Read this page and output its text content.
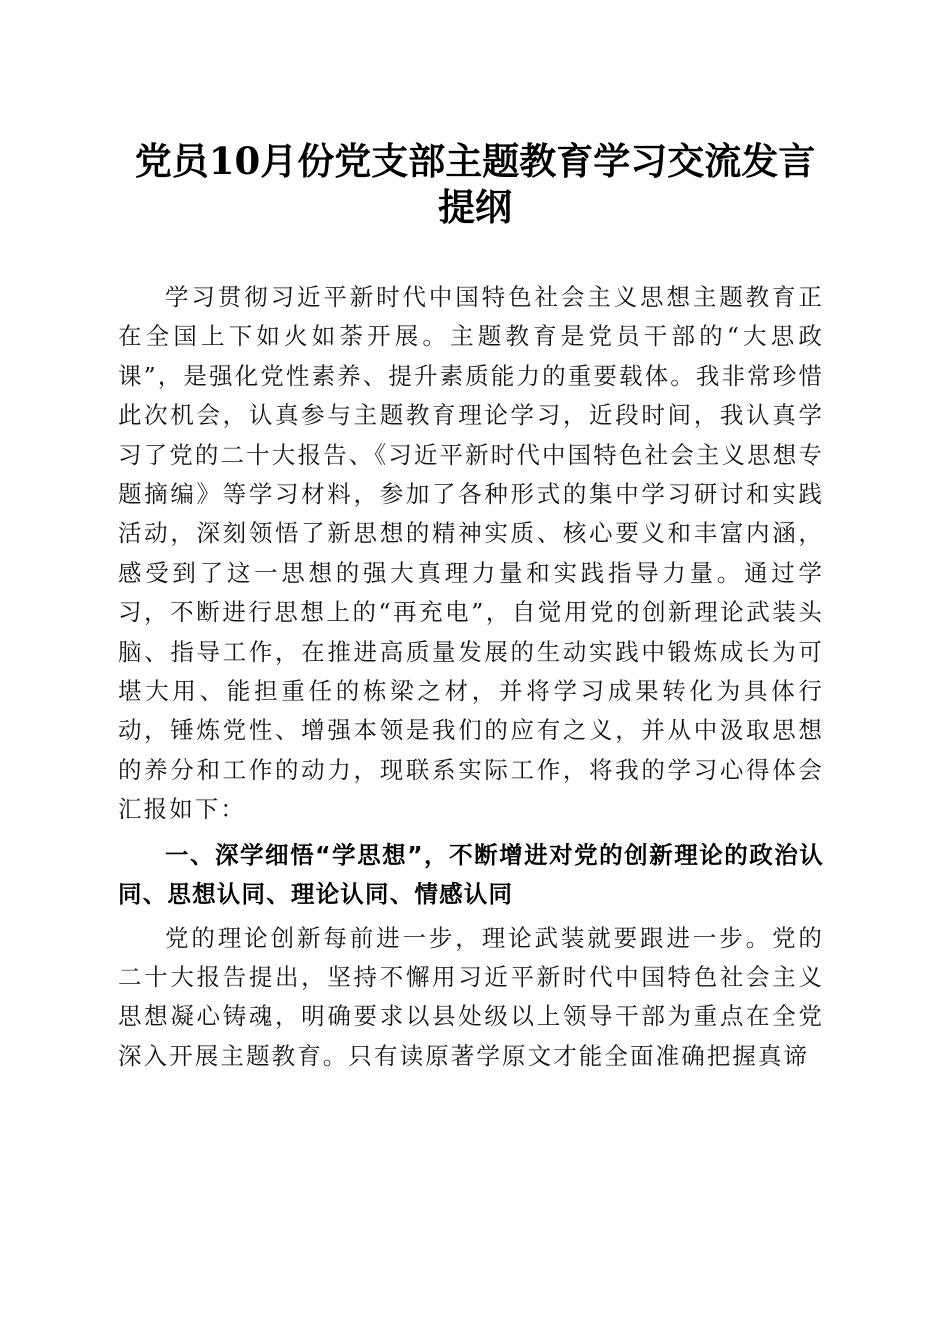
党员10月份党支部主题教育学习交流发言提纲

学习贯彻习近平新时代中国特色社会主义思想主题教育正在全国上下如火如荼开展。主题教育是党员干部的“大思政课”，是强化党性素养、提升素质能力的重要载体。我非常珍惜此次机会，认真参与主题教育理论学习，近段时间，我认真学习了党的二十大报告、《习近平新时代中国特色社会主义思想专题摘编》等学习材料，参加了各种形式的集中学习研讨和实践活动，深刻领悟了新思想的精神实质、核心要义和丰富内涵，感受到了这一思想的强大真理力量和实践指导力量。通过学习，不断进行思想上的“再充电”，自觉用党的创新理论武装头脑、指导工作，在推进高质量发展的生动实践中锻炼成长为可堪大用、能担重任的栋梁之材，并将学习成果转化为具体行动，锤炼党性、增强本领是我们的应有之义，并从中汲取思想的养分和工作的动力，现联系实际工作，将我的学习心得体会汇报如下：

一、深学细悟“学思想”，不断增进对党的创新理论的政治认同、思想认同、理论认同、情感认同

党的理论创新每前进一步，理论武装就要跟进一步。党的二十大报告提出，坚持不懈用习近平新时代中国特色社会主义思想凝心铸魂，明确要求以县处级以上领导干部为重点在全党深入开展主题教育。只有读原著学原文才能全面准确把握真谛
